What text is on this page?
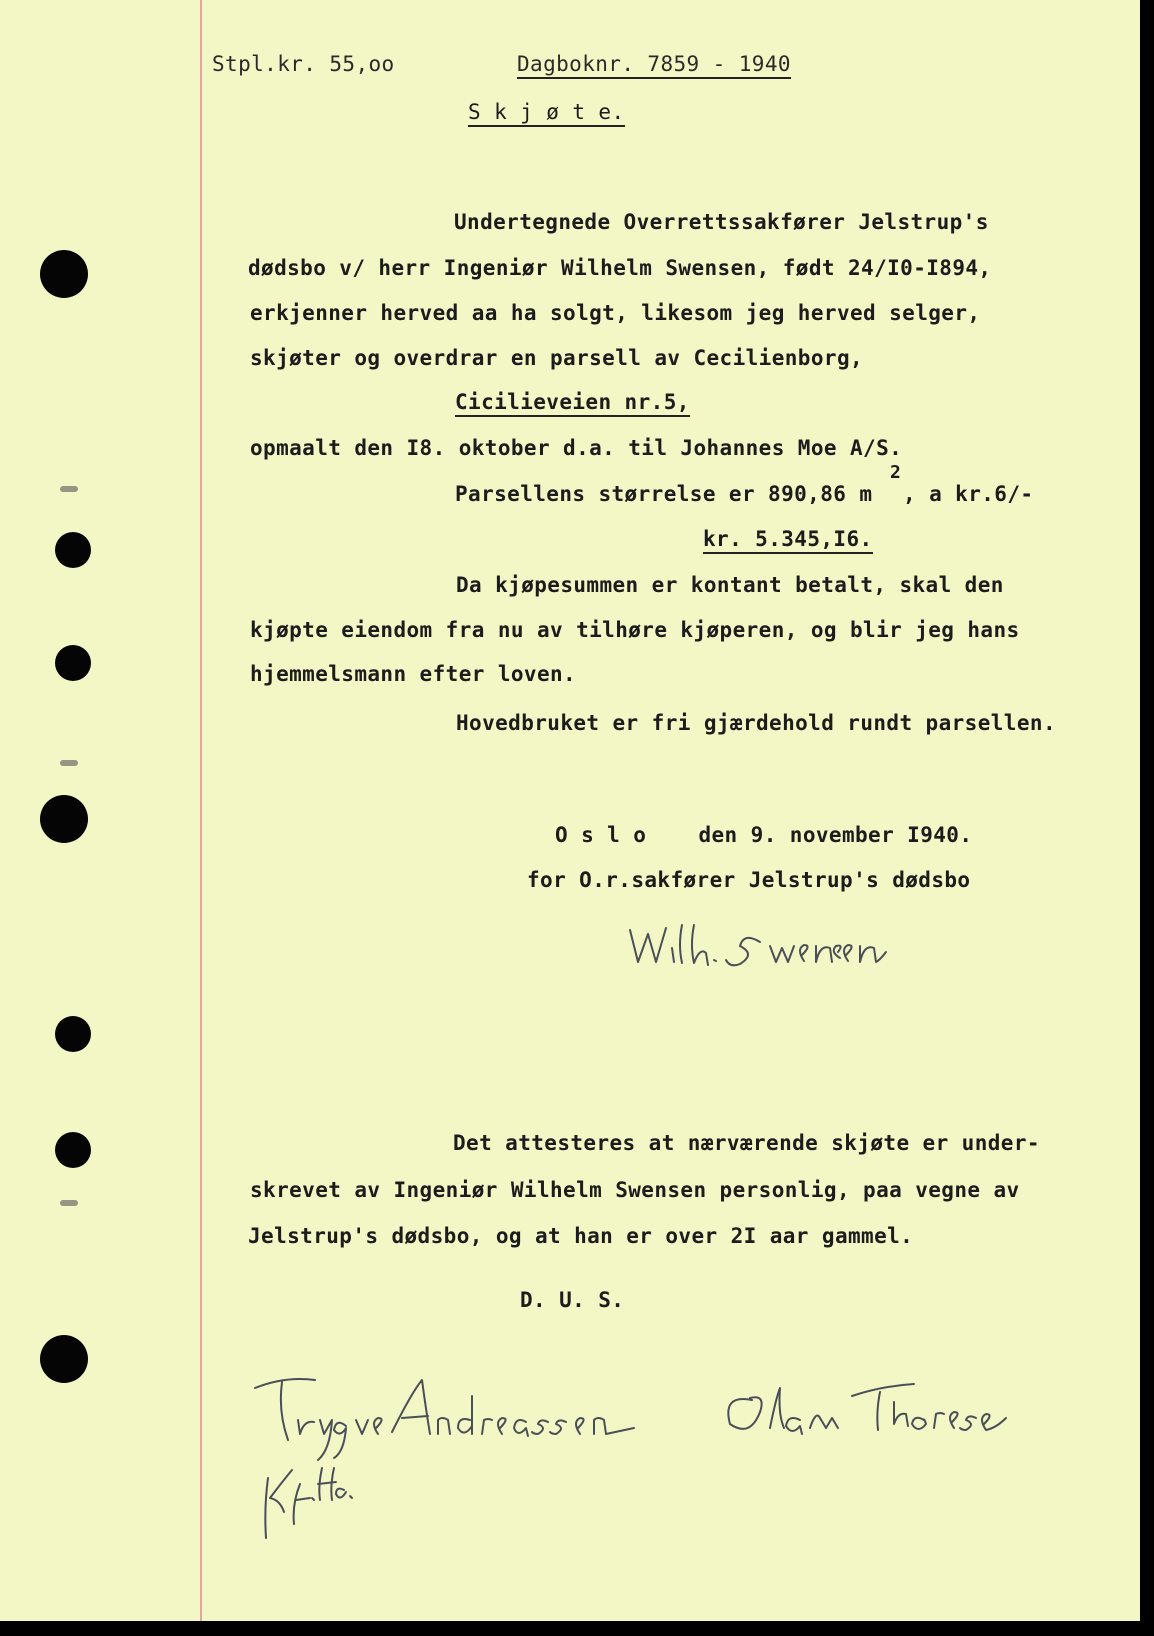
Stpl.kr. 55,oo	Dagboknr. 7859 - 1940
S k j ø t e.
Undertegnede Overrettssakfører Jelstrup's
dødsbo v/ herr Ingeniør Wilhelm Swensen, født 24/I0-I894,
erkjenner herved aa ha solgt, likesom jeg herved selger,
skjøter og overdrar en parsell av Cecilienborg,
Cicilieveien nr.5,
opmaalt den I8. oktober d.a. til Johannes Moe A/S.
Parsellens størrelse er 890,86 m
2
, a kr.6/-
kr. 5.345,I6.
Da kjøpesummen er kontant betalt, skal den
kjøpte eiendom fra nu av tilhøre kjøperen, og blir jeg hans
hjemmelsmann efter loven.
Hovedbruket er fri gjærdehold rundt parsellen.
O s l o    den 9. november I940.
for O.r.sakfører Jelstrup's dødsbo
Det attesteres at nærværende skjøte er under-
skrevet av Ingeniør Wilhelm Swensen personlig, paa vegne av
Jelstrup's dødsbo, og at han er over 2I aar gammel.
D. U. S.
